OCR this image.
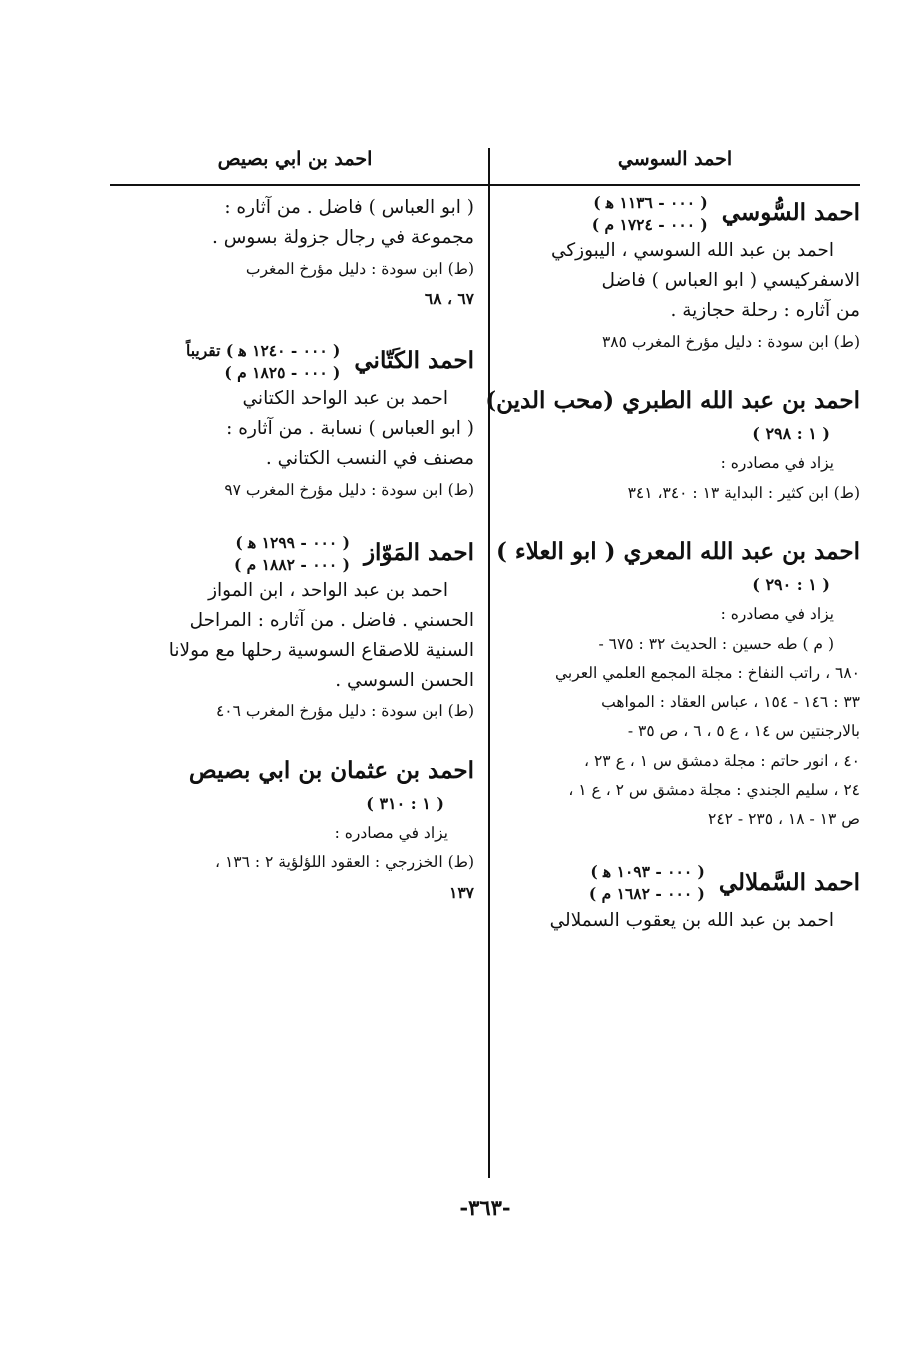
احمد السوسي
احمد بن ابي بصيص
احمد السُّوسي
( ٠٠٠ - ١١٣٦ ﻫ )
( ٠٠٠ - ١٧٢٤ م )
احمد بن عبد الله السوسي ، اليبوزكي
الاسفركيسي ( ابو العباس ) فاضل
من آثاره : رحلة حجازية .
(ط) ابن سودة : دليل مؤرخ المغرب ٣٨٥
احمد بن عبد الله الطبري (محب الدين)
( ١ : ٢٩٨ )
يزاد في مصادره :
(ط) ابن كثير : البداية ١٣ : ٣٤٠، ٣٤١
احمد بن عبد الله المعري ( ابو العلاء )
( ١ : ٢٩٠ )
يزاد في مصادره :
( م ) طه حسين : الحديث ٣٢ : ٦٧٥ -
٦٨٠ ، راتب النفاخ : مجلة المجمع العلمي العربي
٣٣ : ١٤٦ - ١٥٤ ، عباس العقاد : المواهب
بالارجنتين س ١٤ ، ع ٥ ، ٦ ، ص ٣٥ -
٤٠ ، انور حاتم : مجلة دمشق س ١ ، ع ٢٣ ،
٢٤ ، سليم الجندي : مجلة دمشق س ٢ ، ع ١ ،
ص ١٣ - ١٨ ، ٢٣٥ - ٢٤٢
احمد السَّملالي
( ٠٠٠ - ١٠٩٣ ﻫ )
( ٠٠٠ - ١٦٨٢ م )
احمد بن عبد الله بن يعقوب السملالي
( ابو العباس ) فاضل . من آثاره :
مجموعة في رجال جزولة بسوس .
(ط) ابن سودة : دليل مؤرخ المغرب
٦٧ ، ٦٨
احمد الكَتّاني
( ٠٠٠ - ١٢٤٠ ﻫ ) تقريباً
( ٠٠٠ - ١٨٢٥ م )
احمد بن عبد الواحد الكتاني
( ابو العباس ) نسابة . من آثاره :
مصنف في النسب الكتاني .
(ط) ابن سودة : دليل مؤرخ المغرب ٩٧
احمد المَوّاز
( ٠٠٠ - ١٢٩٩ ﻫ )
( ٠٠٠ - ١٨٨٢ م )
احمد بن عبد الواحد ، ابن المواز
الحسني . فاضل . من آثاره : المراحل
السنية للاصقاع السوسية رحلها مع مولانا
الحسن السوسي .
(ط) ابن سودة : دليل مؤرخ المغرب ٤٠٦
احمد بن عثمان بن ابي بصيص
( ١ : ٣١٠ )
يزاد في مصادره :
(ط) الخزرجي : العقود اللؤلؤية ٢ : ١٣٦ ،
١٣٧
-٣٦٣-
